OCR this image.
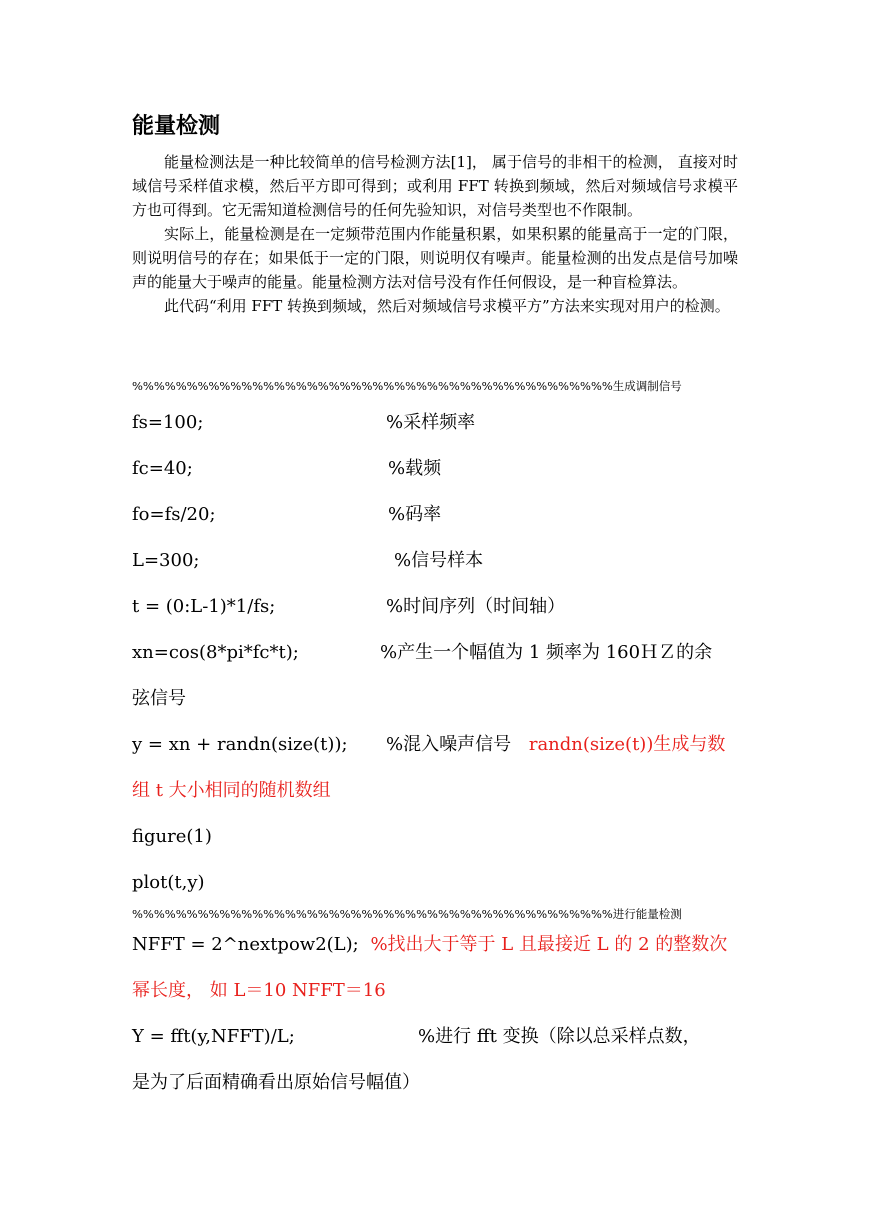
能量检测

能量检测法是一种比较简单的信号检测方法[1]， 属于信号的非相干的检测， 直接对时域信号采样值求模，然后平方即可得到；或利用 FFT 转换到频域，然后对频域信号求模平方也可得到。它无需知道检测信号的任何先验知识，对信号类型也不作限制。

实际上，能量检测是在一定频带范围内作能量积累，如果积累的能量高于一定的门限，则说明信号的存在；如果低于一定的门限，则说明仅有噪声。能量检测的出发点是信号加噪声的能量大于噪声的能量。能量检测方法对信号没有作任何假设，是一种盲检算法。

此代码“利用 FFT 转换到频域，然后对频域信号求模平方”方法来实现对用户的检测。

%%%%%%%%%%%%%%%%%%%%%%%%%%%%%%%%%%%%%%%%%%%%生成调制信号
fs=100;	%采样频率
fc=40;	%载频
fo=fs/20;	%码率
L=300;	%信号样本
t = (0:L-1)*1/fs;	%时间序列（时间轴）
xn=cos(8*pi*fc*t);	%产生一个幅值为 1 频率为 160ＨＺ的余
弦信号
y = xn + randn(size(t)); %混入噪声信号 randn(size(t))生成与数
组 t 大小相同的随机数组
figure(1)
plot(t,y)
%%%%%%%%%%%%%%%%%%%%%%%%%%%%%%%%%%%%%%%%%%%%进行能量检测
NFFT = 2^nextpow2(L); %找出大于等于 L 且最接近 L 的 2 的整数次
幂长度， 如 L＝10 NFFT＝16
Y = fft(y,NFFT)/L;	%进行 fft 变换（除以总采样点数，
是为了后面精确看出原始信号幅值）
